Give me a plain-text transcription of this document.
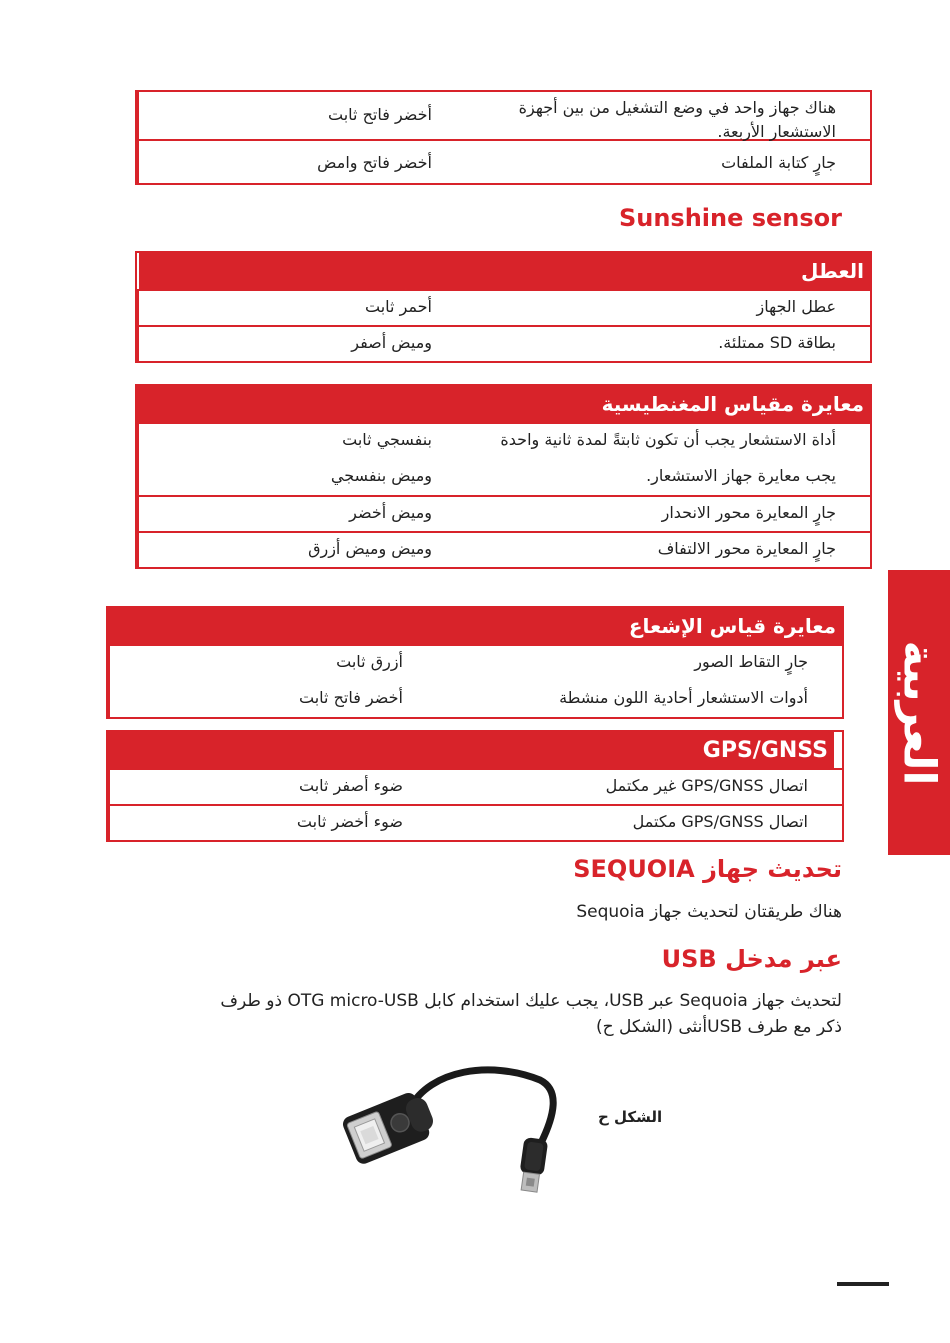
هناك جهاز واحد في وضع التشغيل من بين أجهزة الاستشعار الأربعة.
أخضر فاتح ثابت
جارٍ كتابة الملفات
أخضر فاتح وامض
Sunshine sensor
العطل
عطل الجهاز
أحمر ثابت
بطاقة SD ممتلئة.
وميض أصفر
معايرة مقياس المغنطيسية
أداة الاستشعار يجب أن تكون ثابتةً لمدة ثانية واحدة
يجب معايرة جهاز الاستشعار.
بنفسجي ثابت
وميض بنفسجي
جارٍ المعايرة محور الانحدار
وميض أخضر
جارٍ المعايرة محور الالتفاف
وميض وميض أزرق
معايرة قياس الإشعاع
جارٍ التقاط الصور
أدوات الاستشعار أحادية اللون منشطة
أزرق ثابت
أخضر فاتح ثابت
GPS/GNSS
اتصال GPS/GNSS غير مكتمل
ضوء أصفر ثابت
اتصال GPS/GNSS مكتمل
ضوء أخضر ثابت
تحديث جهاز SEQUOIA
هناك طريقتان لتحديث جهاز Sequoia
عبر مدخل USB
لتحديث جهاز Sequoia عبر USB، يجب عليك استخدام كابل OTG micro-USB ذو طرف
ذكر مع طرف USBأنثى (الشكل ح)
الشكل ح
العربية
